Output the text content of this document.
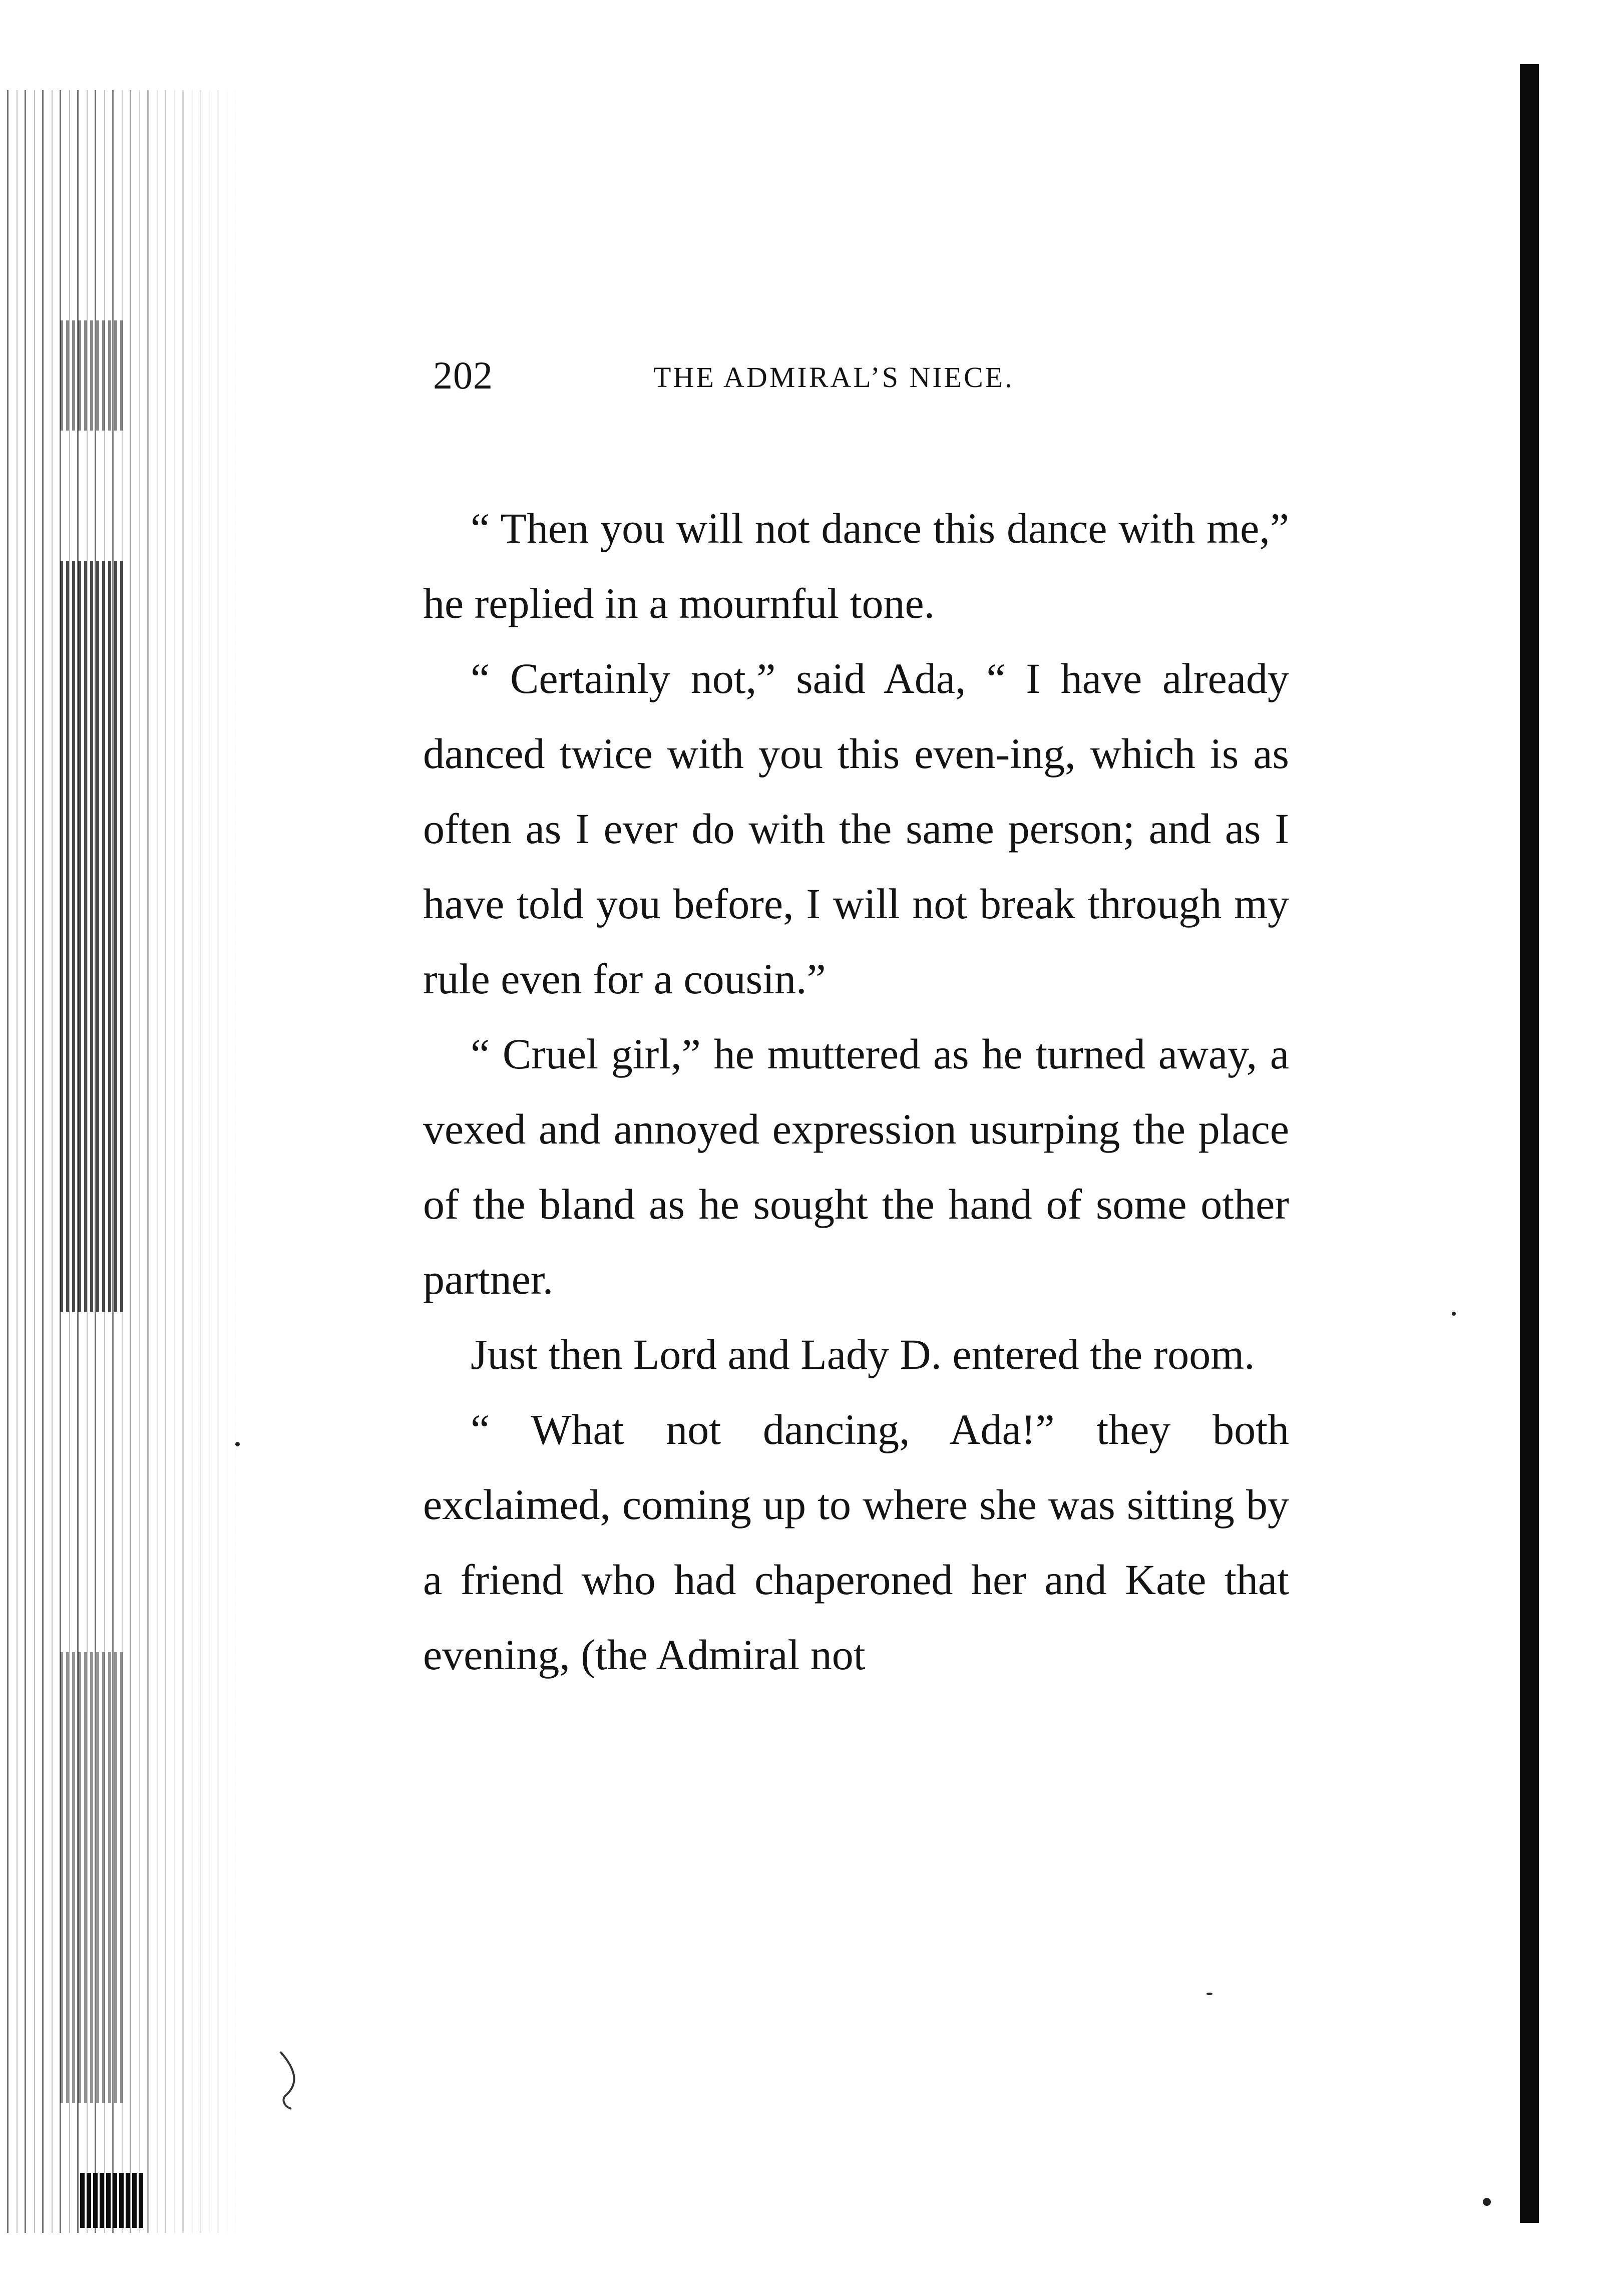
202	THE ADMIRAL’S NIECE.

“ Then you will not dance this dance with me,” he replied in a mournful tone.

“ Certainly not,” said Ada, “ I have already danced twice with you this even-ing, which is as often as I ever do with the same person; and as I have told you before, I will not break through my rule even for a cousin.”

“ Cruel girl,” he muttered as he turned away, a vexed and annoyed expression usurping the place of the bland as he sought the hand of some other partner.

Just then Lord and Lady D. entered the room.

“ What not dancing, Ada!” they both exclaimed, coming up to where she was sitting by a friend who had chaperoned her and Kate that evening, (the Admiral not
